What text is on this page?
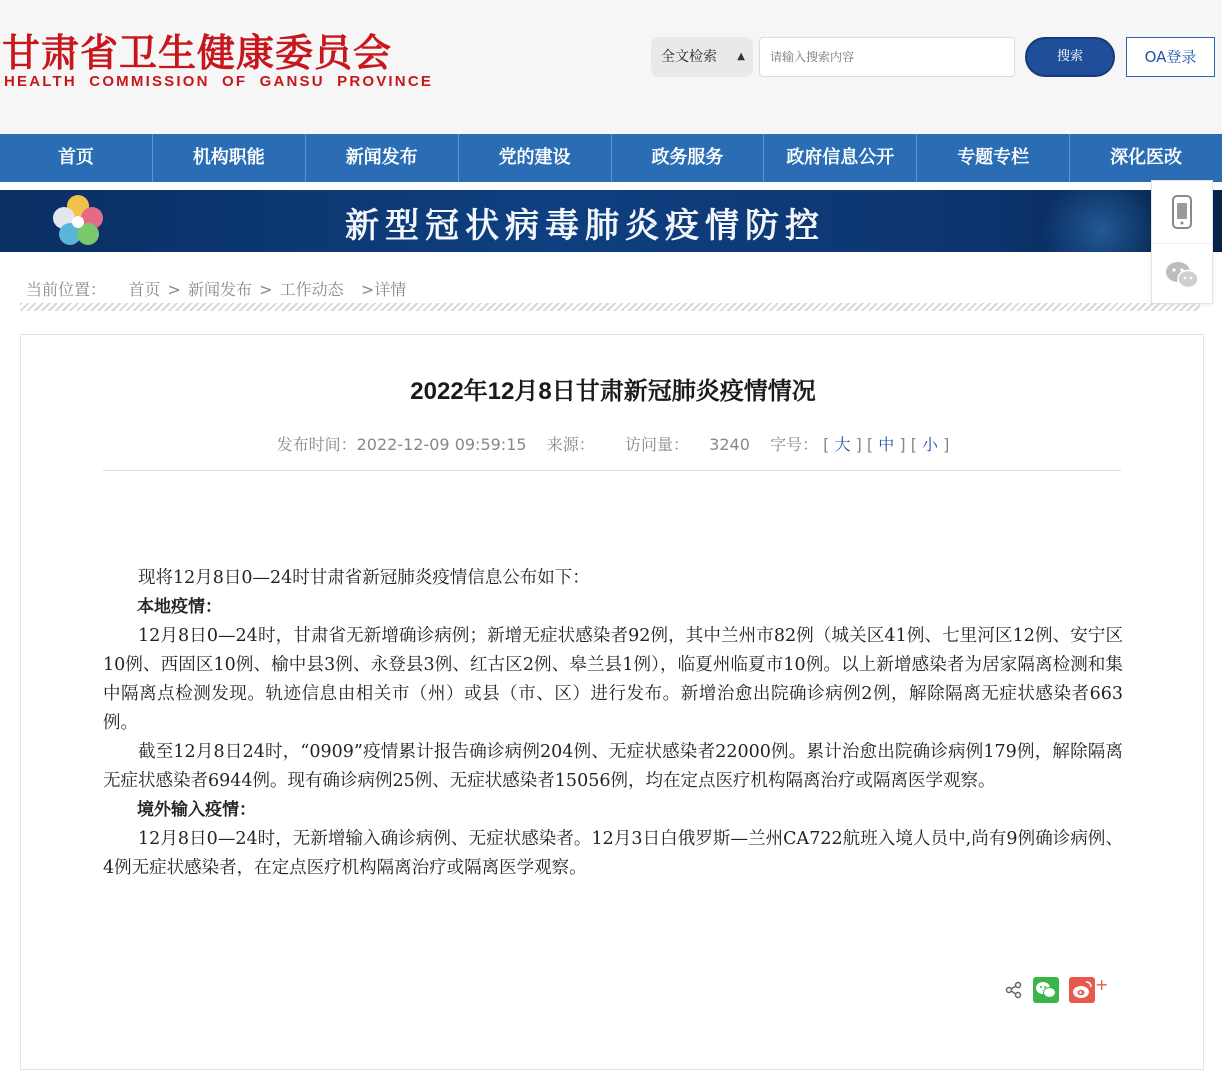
甘肃省卫生健康委员会
HEALTH COMMISSION OF GANSU PROVINCE
全文检索 ▲

请输入搜索内容	搜索	OA登录
首页	机构职能	新闻发布	党的建设	政务服务	政府信息公开	专题专栏	深化医改
新型冠状病毒肺炎疫情防控
当前位置： 首页 > 新闻发布 > 工作动态 >详情
2022年12月8日甘肃新冠肺炎疫情情况
发布时间：2022-12-09 09:59:15 来源： 访问量： 3240 字号： [ 大 ] [ 中 ] [ 小 ]

现将12月8日0—24时甘肃省新冠肺炎疫情信息公布如下：

本地疫情：

12月8日0—24时，甘肃省无新增确诊病例；新增无症状感染者92例，其中兰州市82例（城关区41例、七里河区12例、安宁区10例、西固区10例、榆中县3例、永登县3例、红古区2例、皋兰县1例），临夏州临夏市10例。以上新增感染者为居家隔离检测和集中隔离点检测发现。轨迹信息由相关市（州）或县（市、区）进行发布。新增治愈出院确诊病例2例，解除隔离无症状感染者663例。

截至12月8日24时，“0909”疫情累计报告确诊病例204例、无症状感染者22000例。累计治愈出院确诊病例179例，解除隔离无症状感染者6944例。现有确诊病例25例、无症状感染者15056例，均在定点医疗机构隔离治疗或隔离医学观察。

境外输入疫情：

12月8日0—24时，无新增输入确诊病例、无症状感染者。12月3日白俄罗斯—兰州CA722航班入境人员中,尚有9例确诊病例、4例无症状感染者，在定点医疗机构隔离治疗或隔离医学观察。

+
